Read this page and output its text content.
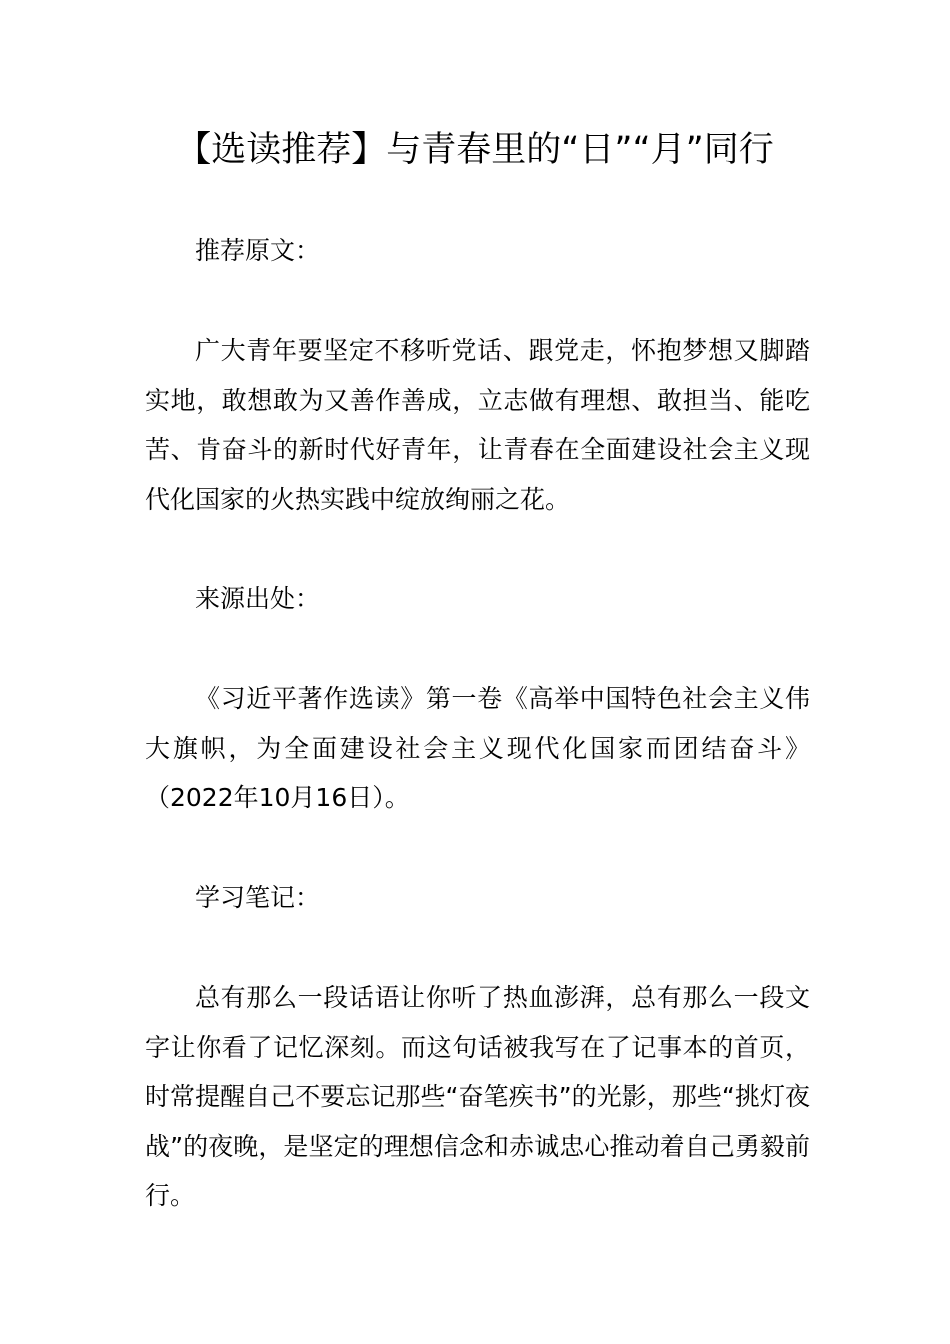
【选读推荐】与青春里的“日”“月”同行

推荐原文：

广大青年要坚定不移听党话、跟党走，怀抱梦想又脚踏实地，敢想敢为又善作善成，立志做有理想、敢担当、能吃苦、肯奋斗的新时代好青年，让青春在全面建设社会主义现代化国家的火热实践中绽放绚丽之花。

来源出处：

《习近平著作选读》第一卷《高举中国特色社会主义伟大旗帜，为全面建设社会主义现代化国家而团结奋斗》（2022年10月16日）。

学习笔记：

总有那么一段话语让你听了热血澎湃，总有那么一段文字让你看了记忆深刻。而这句话被我写在了记事本的首页，时常提醒自己不要忘记那些“奋笔疾书”的光影，那些“挑灯夜战”的夜晚，是坚定的理想信念和赤诚忠心推动着自己勇毅前行。
